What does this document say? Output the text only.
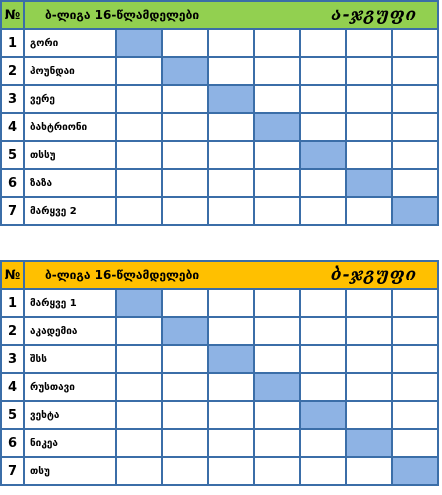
№	ბ-ლიგა 16-წლამდელები ა-ჯგუფი							

1	გორი							
2	ჰოუნდაი							
3	ვერე							
4	ბახტრიონი							
5	თსსუ							
6	ზაზა							
7	მარყვე 2							
№	ბ-ლიგა 16-წლამდელები ბ-ჯგუფი							

1	მარყვე 1							
2	აკადემია							
3	შსს							
4	რუსთავი							
5	ვეხტა							
6	ნიკეა							
7	თსუ							
